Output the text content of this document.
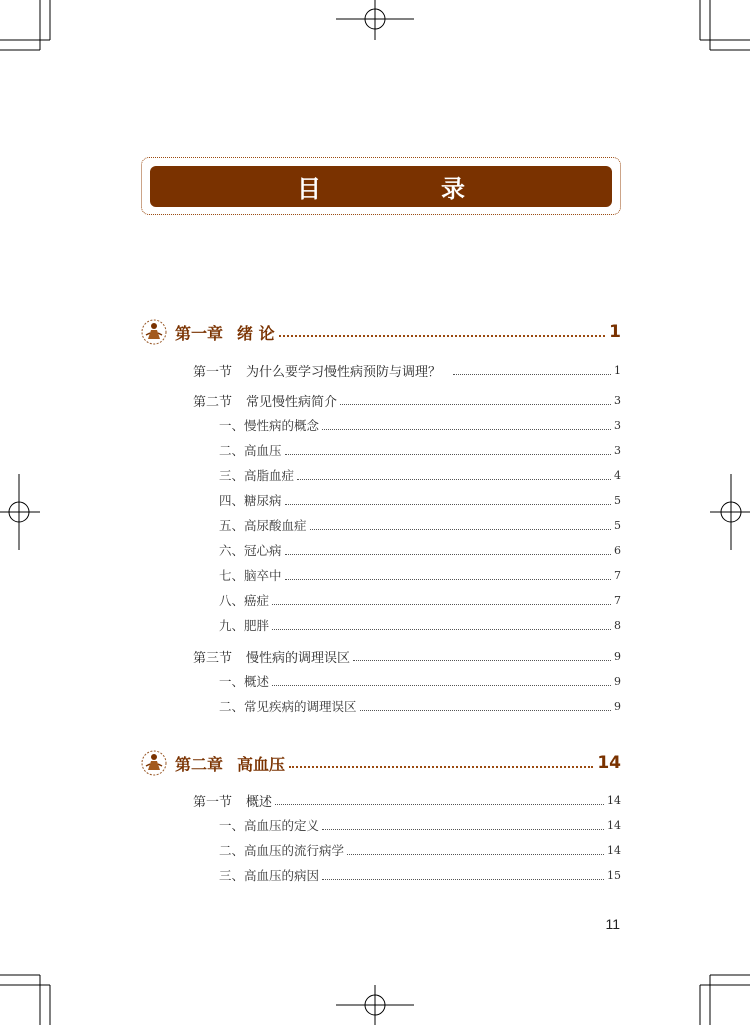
目　录
第一章 绪 论	1
第一节 为什么要学习慢性病预防与调理？	1
第二节 常见慢性病简介	3
一、慢性病的概念	3
二、高血压	3
三、高脂血症	4
四、糖尿病	5
五、高尿酸血症	5
六、冠心病	6
七、脑卒中	7
八、癌症	7
九、肥胖	8
第三节 慢性病的调理误区	9
一、概述	9
二、常见疾病的调理误区	9
第二章 高血压	14
第一节 概述	14
一、高血压的定义	14
二、高血压的流行病学	14
三、高血压的病因	15
11
